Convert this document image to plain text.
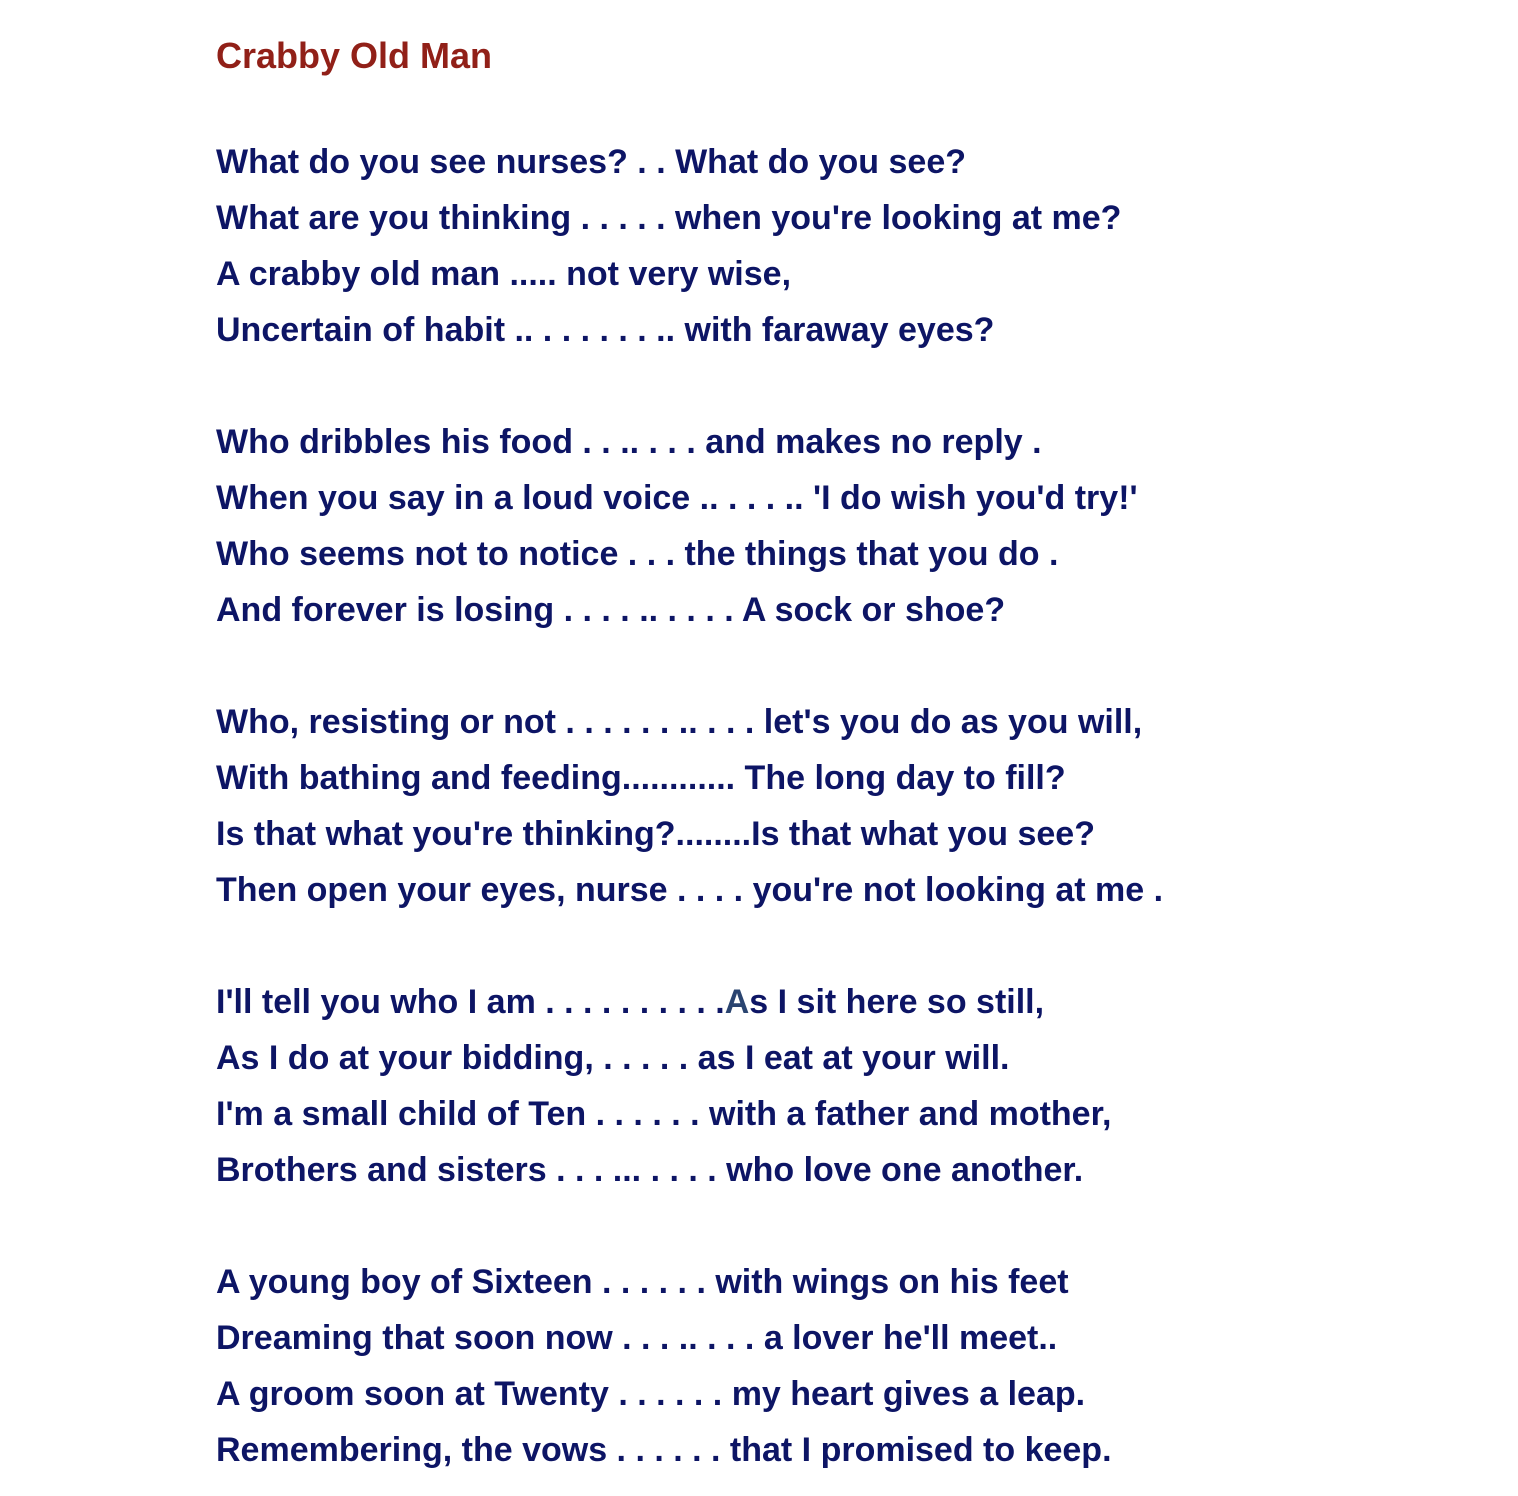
Crabby Old Man
What do you see nurses? . . What do you see?
What are you thinking . . . . . when you're looking at me?
A crabby old man ..... not very wise,
Uncertain of habit .. . . . . . . .. with faraway eyes?
Who dribbles his food . . .. . . . and makes no reply .
When you say in a loud voice .. . . . .. 'I do wish you'd try!'
Who seems not to notice . . . the things that you do .
And forever is losing . . . . .. . . . . A sock or shoe?
Who, resisting or not . . . . . . .. . . . let's you do as you will,
With bathing and feeding............ The long day to fill?
Is that what you're thinking?........Is that what you see?
Then open your eyes, nurse . . . . you're not looking at me .
I'll tell you who I am . . . . . . . . . .As I sit here so still,
As I do at your bidding, . . . . . as I eat at your will.
I'm a small child of Ten . . . . . . with a father and mother,
Brothers and sisters . . . ... . . . . who love one another.
A young boy of Sixteen . . . . . . with wings on his feet
Dreaming that soon now . . . .. . . . a lover he'll meet..
A groom soon at Twenty . . . . . . my heart gives a leap.
Remembering, the vows . . . . . . that I promised to keep.
